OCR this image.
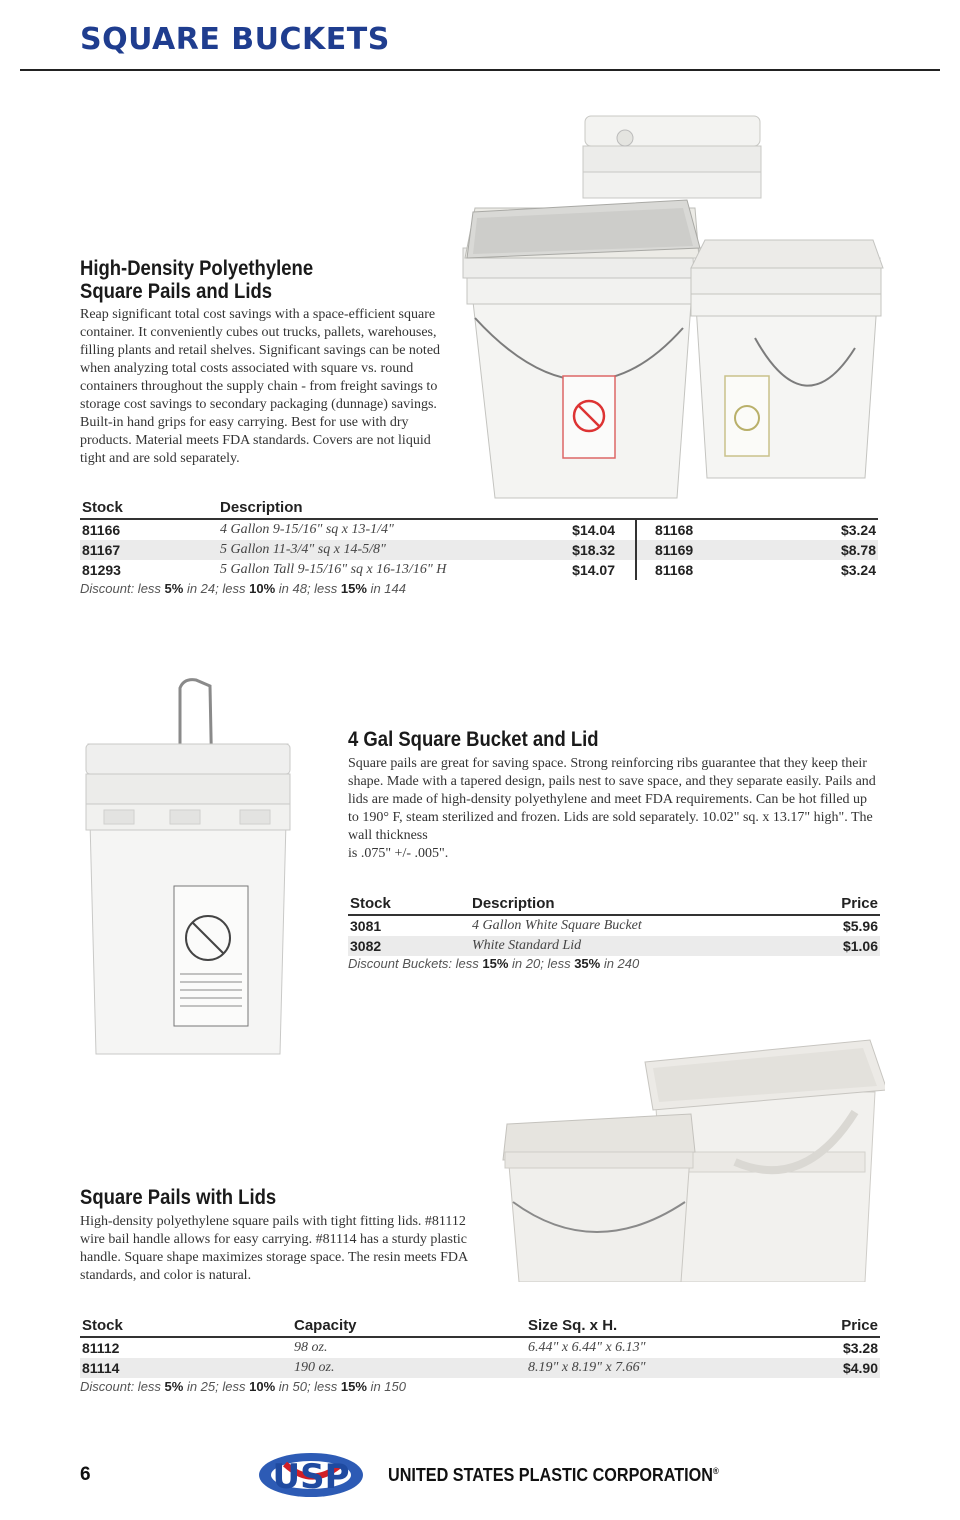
SQUARE BUCKETS
High-Density Polyethylene
Square Pails and Lids
Reap significant total cost savings with a space-efficient square container. It conveniently cubes out trucks, pallets, warehouses, filling plants and retail shelves. Significant savings can be noted when analyzing total costs associated with square vs. round containers throughout the supply chain - from freight savings to storage cost savings to secondary packaging (dunnage) savings. Built-in hand grips for easy carrying. Best for use with dry products. Material meets FDA standards. Covers are not liquid tight and are sold separately.
Stock	Description			
81166	4 Gallon 9-15/16" sq x 13-1/4"	$14.04	81168	$3.24
81167	5 Gallon 11-3/4" sq x 14-5/8"	$18.32	81169	$8.78
81293	5 Gallon Tall 9-15/16" sq x 16-13/16" H	$14.07	81168	$3.24
Discount: less 5% in 24; less 10% in 48; less 15% in 144
4 Gal Square Bucket and Lid
Square pails are great for saving space. Strong reinforcing ribs guarantee that they keep their shape. Made with a tapered design, pails nest to save space, and they separate easily. Pails and lids are made of high-density polyethylene and meet FDA requirements. Can be hot filled up to 190° F, steam sterilized and frozen. Lids are sold separately. 10.02" sq. x 13.17" high". The wall thickness
is .075" +/- .005".
Stock	Description	Price
3081	4 Gallon White Square Bucket	$5.96
3082	White Standard Lid	$1.06
Discount Buckets: less 15% in 20; less 35% in 240
Square Pails with Lids
High-density polyethylene square pails with tight fitting lids. #81112 wire bail handle allows for easy carrying. #81114 has a sturdy plastic handle. Square shape maximizes storage space. The resin meets FDA standards, and color is natural.
Stock	Capacity	Size Sq. x H.	Price
81112	98 oz.	6.44" x 6.44" x 6.13"	$3.28
81114	190 oz.	8.19" x 8.19" x 7.66"	$4.90
Discount: less 5% in 25; less 10% in 50; less 15% in 150
6	USP UNITED STATES PLASTIC CORPORATION®
